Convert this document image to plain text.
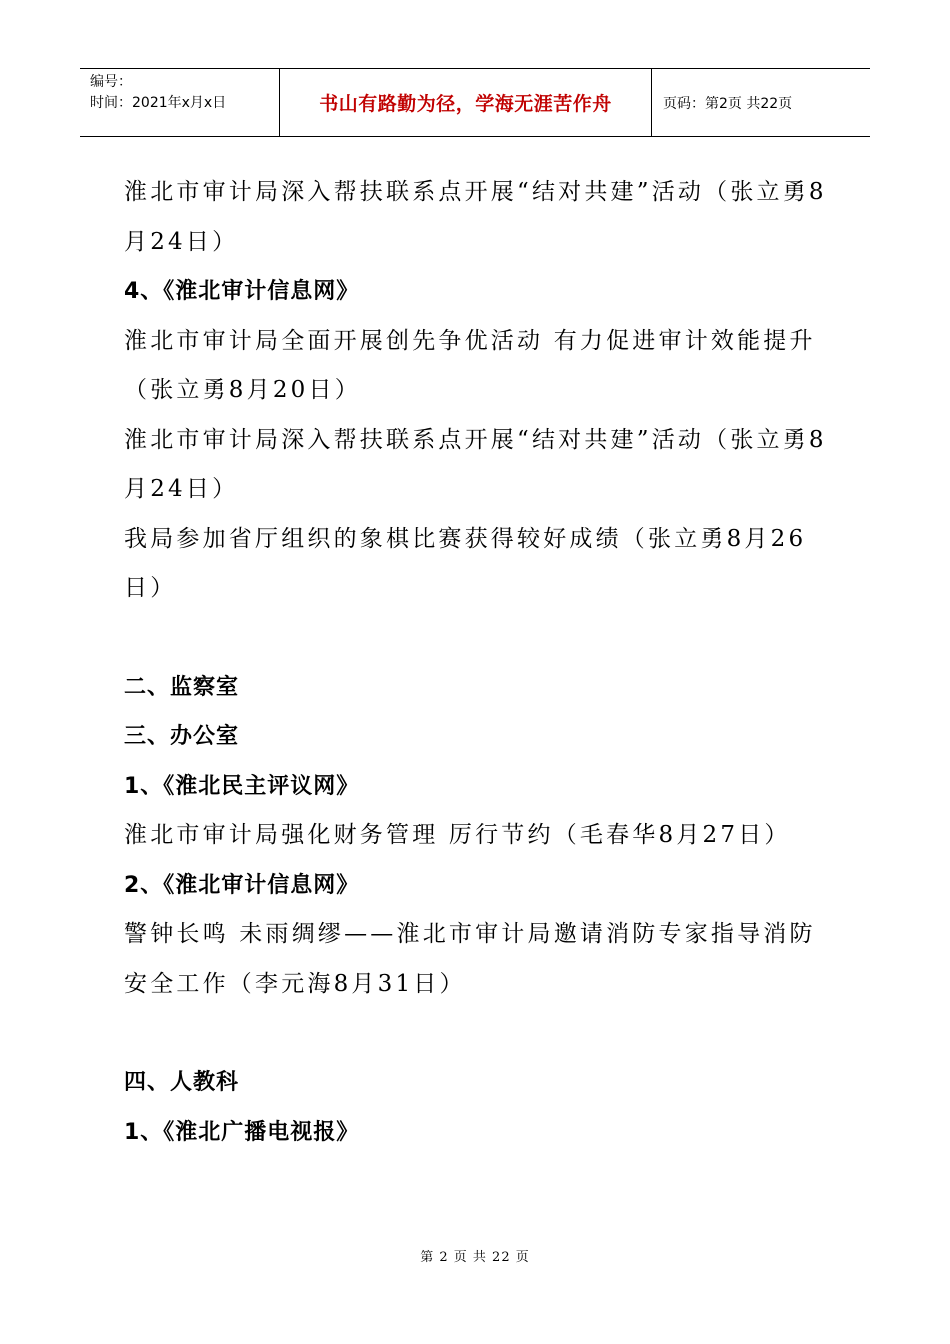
编号：
时间：2021年x月x日	书山有路勤为径，学海无涯苦作舟	页码：第2页 共22页
淮北市审计局深入帮扶联系点开展“结对共建”活动（张立勇8月24日）
4、《淮北审计信息网》
淮北市审计局全面开展创先争优活动 有力促进审计效能提升（张立勇8月20日）
淮北市审计局深入帮扶联系点开展“结对共建”活动（张立勇8月24日）
我局参加省厅组织的象棋比赛获得较好成绩（张立勇8月26日）
二、监察室
三、办公室
1、《淮北民主评议网》
淮北市审计局强化财务管理 厉行节约（毛春华8月27日）
2、《淮北审计信息网》
警钟长鸣 未雨绸缪——淮北市审计局邀请消防专家指导消防安全工作（李元海8月31日）
四、人教科
1、《淮北广播电视报》
第 2 页 共 22 页
